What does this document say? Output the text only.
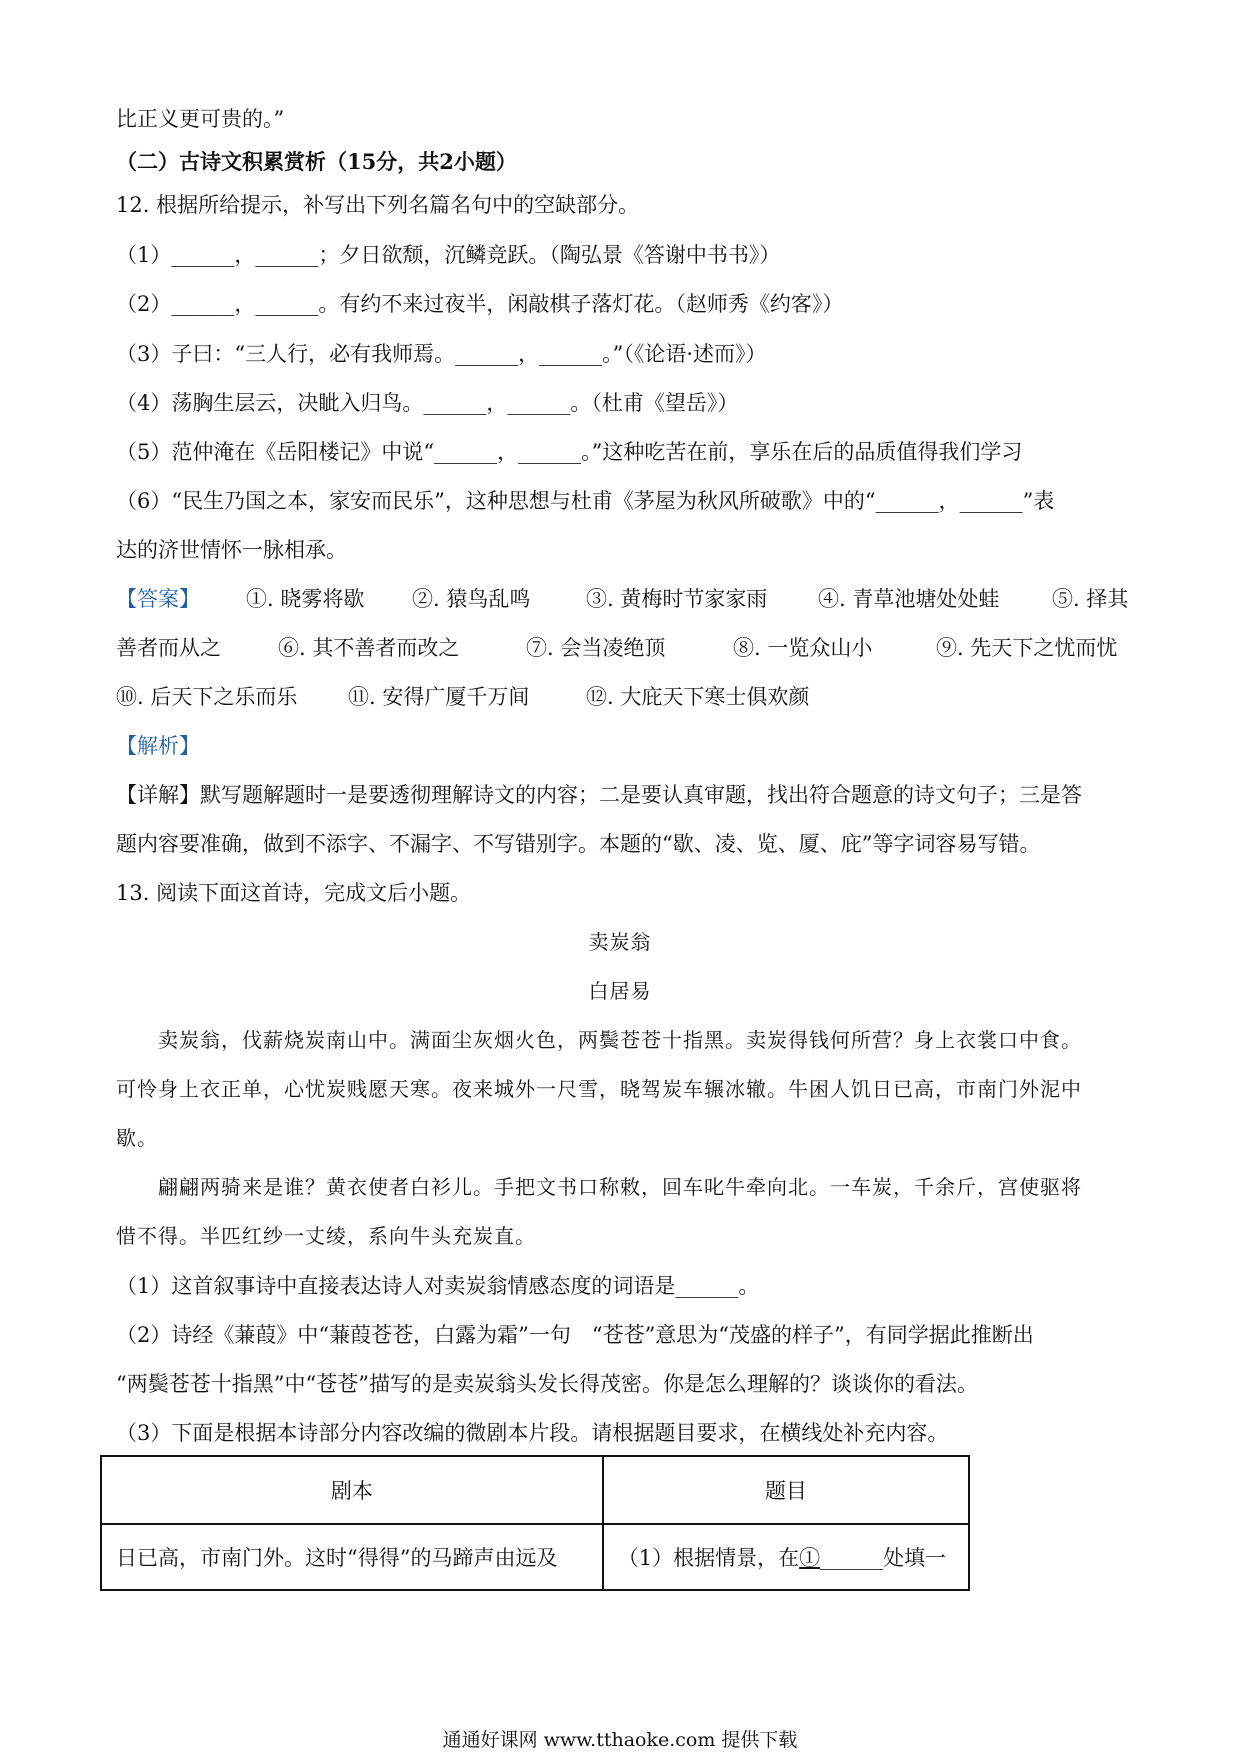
比正义更可贵的。”
（二）古诗文积累赏析（15分，共2小题）
12. 根据所给提示，补写出下列名篇名句中的空缺部分。
（1）______，______；夕日欲颓，沉鳞竞跃。（陶弘景《答谢中书书》）
（2）______，______。有约不来过夜半，闲敲棋子落灯花。（赵师秀《约客》）
（3）子曰：“三人行，必有我师焉。______，______。”（《论语·述而》）
（4）荡胸生层云，决眦入归鸟。______，______。（杜甫《望岳》）
（5）范仲淹在《岳阳楼记》中说“______，______。”这种吃苦在前，享乐在后的品质值得我们学习
（6）“民生乃国之本，家安而民乐”，这种思想与杜甫《茅屋为秋风所破歌》中的“______，______”表
达的济世情怀一脉相承。
【答案】 ①. 晓雾将歇 ②. 猿鸟乱鸣	③. 黄梅时节家家雨 ④. 青草池塘处处蛙	⑤. 择其
善者而从之	⑥. 其不善者而改之	⑦. 会当凌绝顶	⑧. 一览众山小	⑨. 先天下之忧而忧
⑩. 后天下之乐而乐 ⑪. 安得广厦千万间	⑫. 大庇天下寒士俱欢颜
【解析】
【详解】默写题解题时一是要透彻理解诗文的内容；二是要认真审题，找出符合题意的诗文句子；三是答
题内容要准确，做到不添字、不漏字、不写错别字。本题的“歇、凌、览、厦、庇”等字词容易写错。
13. 阅读下面这首诗，完成文后小题。
卖炭翁
白居易
卖炭翁，伐薪烧炭南山中。满面尘灰烟火色，两鬓苍苍十指黑。卖炭得钱何所营？身上衣裳口中食。
可怜身上衣正单，心忧炭贱愿天寒。夜来城外一尺雪，晓驾炭车辗冰辙。牛困人饥日已高，市南门外泥中
歇。
翩翩两骑来是谁？黄衣使者白衫儿。手把文书口称敕，回车叱牛牵向北。一车炭，千余斤，宫使驱将
惜不得。半匹红纱一丈绫，系向牛头充炭直。
（1）这首叙事诗中直接表达诗人对卖炭翁情感态度的词语是______。
（2）诗经《蒹葭》中“蒹葭苍苍，白露为霜”一句　“苍苍”意思为“茂盛的样子”，有同学据此推断出
“两鬓苍苍十指黑”中“苍苍”描写的是卖炭翁头发长得茂密。你是怎么理解的？谈谈你的看法。
（3）下面是根据本诗部分内容改编的微剧本片段。请根据题目要求，在横线处补充内容。
剧本	题目
日已高，市南门外。这时“得得”的马蹄声由远及	（1）根据情景，在①______处填一
通通好课网 www.tthaoke.com 提供下载
